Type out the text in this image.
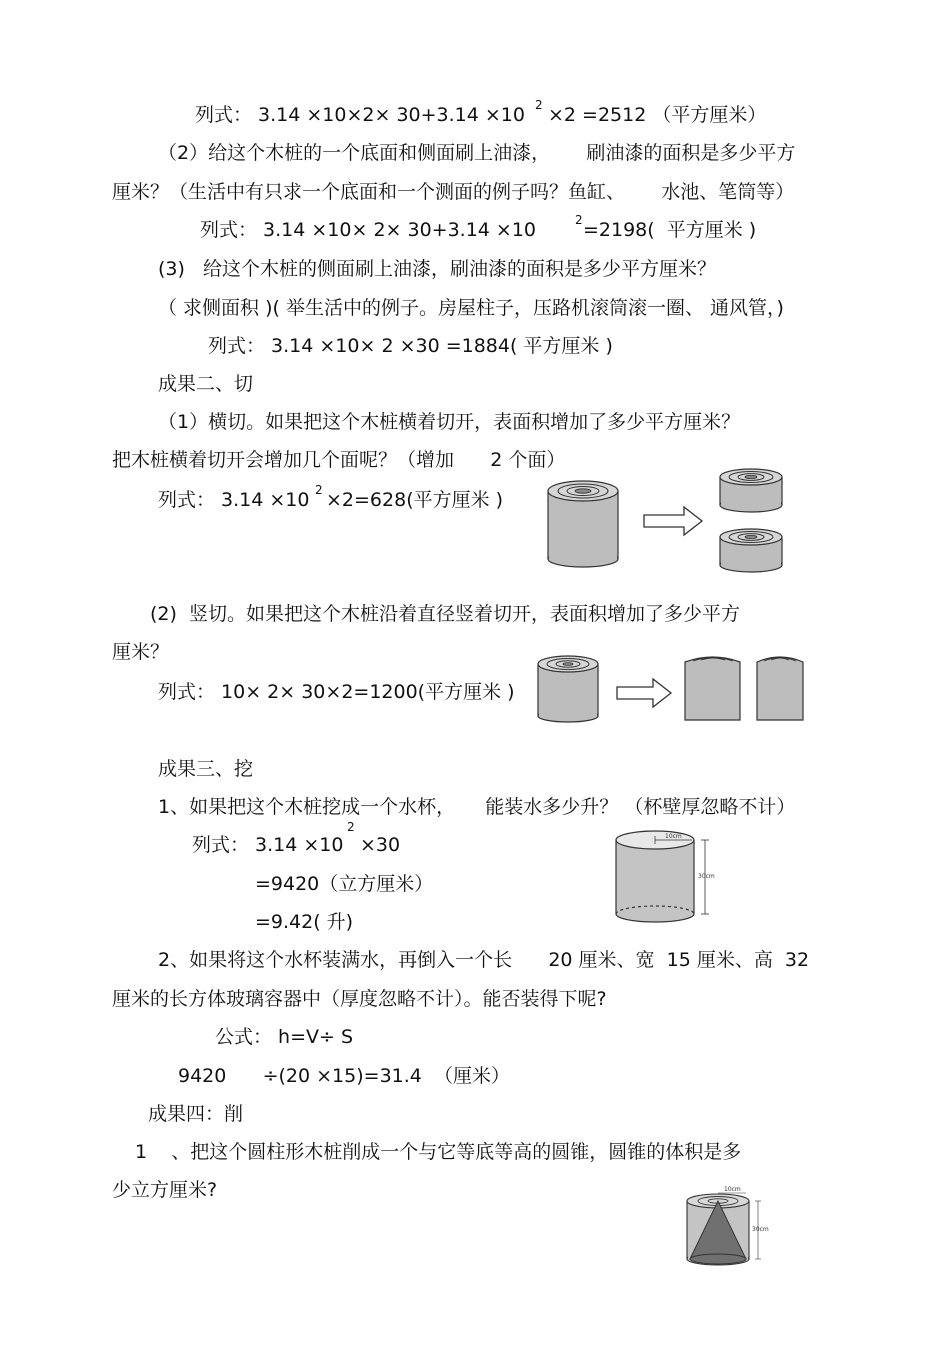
列式： 3.14 ×10×2× 30+3.14 ×10 2 ×2 =2512 （平方厘米）
（2）给这个木桩的一个底面和侧面刷上油漆，      刷油漆的面积是多少平方
厘米？（生活中有只求一个底面和一个测面的例子吗？鱼缸、      水池、笔筒等）
列式： 3.14 ×10× 2× 30+3.14 ×10	2 =2198(  平方厘米 )
(3)   给这个木桩的侧面刷上油漆，刷油漆的面积是多少平方厘米？
（ 求侧面积 )( 举生活中的例子。房屋柱子，压路机滚筒滚一圈、 通风管，)
列式： 3.14 ×10× 2 ×30 =1884( 平方厘米 )
成果二、切
（1）横切。如果把这个木桩横着切开，表面积增加了多少平方厘米？
把木桩横着切开会增加几个面呢？（增加      2 个面）
列式： 3.14 ×10 2 ×2=628(平方厘米 )
(2)  竖切。如果把这个木桩沿着直径竖着切开，表面积增加了多少平方
厘米？
列式： 10× 2× 30×2=1200(平方厘米 )
成果三、挖
1、如果把这个木桩挖成一个水杯，     能装水多少升？ （杯壁厚忽略不计）
列式： 3.14 ×10
2
×30
=9420（立方厘米）
=9.42( 升)
10cm
30cm
2、如果将这个水杯装满水，再倒入一个长      20 厘米、宽  15 厘米、高  32
厘米的长方体玻璃容器中（厚度忽略不计）。能否装得下呢?
公式： h=V÷ S
9420      ÷(20 ×15)=31.4  （厘米）
成果四：削
1    、把这个圆柱形木桩削成一个与它等底等高的圆锥，圆锥的体积是多
少立方厘米?	10cm
30cm
